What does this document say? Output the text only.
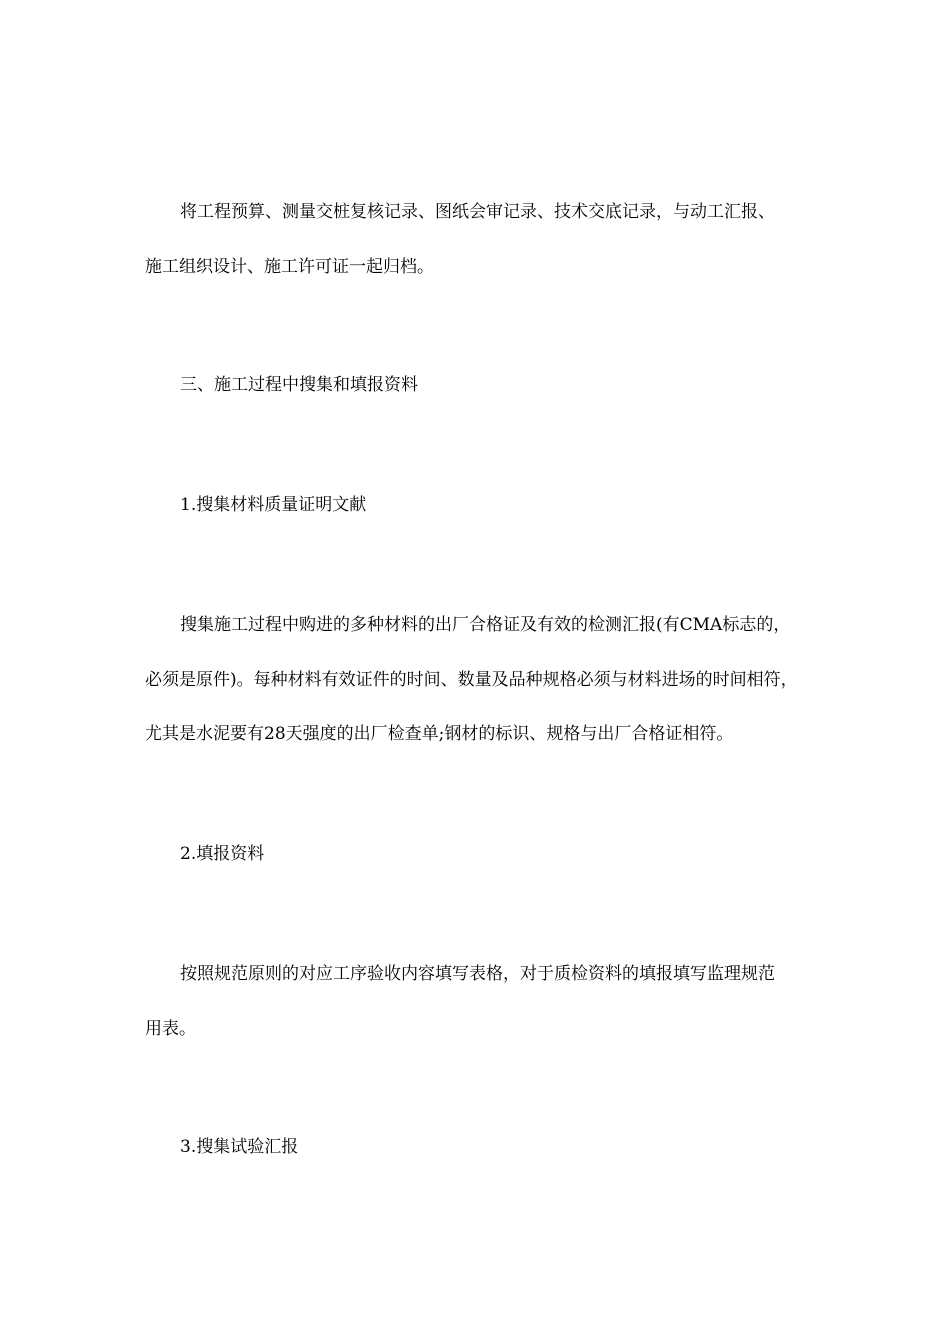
将工程预算、测量交桩复核记录、图纸会审记录、技术交底记录，与动工汇报、
施工组织设计、施工许可证一起归档。
三、施工过程中搜集和填报资料
1.搜集材料质量证明文献
搜集施工过程中购进的多种材料的出厂合格证及有效的检测汇报(有CMA标志的，
必须是原件)。每种材料有效证件的时间、数量及品种规格必须与材料进场的时间相符，
尤其是水泥要有28天强度的出厂检查单;钢材的标识、规格与出厂合格证相符。
2.填报资料
按照规范原则的对应工序验收内容填写表格，对于质检资料的填报填写监理规范
用表。
3.搜集试验汇报
